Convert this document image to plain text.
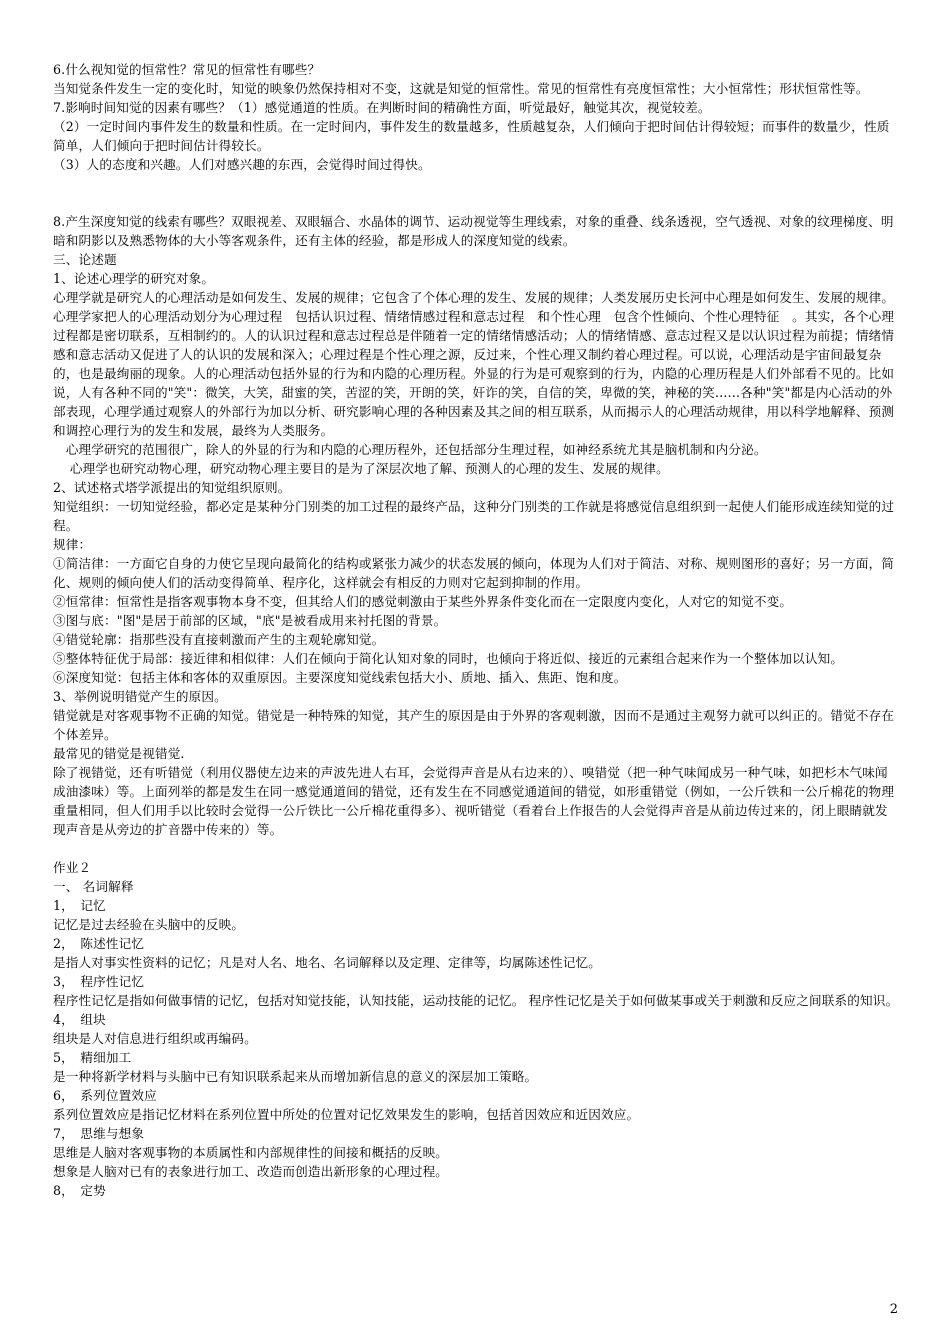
6.什么视知觉的恒常性？常见的恒常性有哪些？

当知觉条件发生一定的变化时，知觉的映象仍然保持相对不变，这就是知觉的恒常性。常见的恒常性有亮度恒常性；大小恒常性；形状恒常性等。

7.影响时间知觉的因素有哪些？（1）感觉通道的性质。在判断时间的精确性方面，听觉最好，触觉其次，视觉较差。

（2）一定时间内事件发生的数量和性质。在一定时间内，事件发生的数量越多，性质越复杂，人们倾向于把时间估计得较短；而事件的数量少，性质简单，人们倾向于把时间估计得较长。

（3）人的态度和兴趣。人们对感兴趣的东西，会觉得时间过得快。

8.产生深度知觉的线索有哪些？双眼视差、双眼辐合、水晶体的调节、运动视觉等生理线索，对象的重叠、线条透视，空气透视、对象的纹理梯度、明暗和阴影以及熟悉物体的大小等客观条件，还有主体的经验，都是形成人的深度知觉的线索。

三、论述题

1、论述心理学的研究对象。

心理学就是研究人的心理活动是如何发生、发展的规律；它包含了个体心理的发生、发展的规律；人类发展历史长河中心理是如何发生、发展的规律。

心理学家把人的心理活动划分为心理过程　包括认识过程、情绪情感过程和意志过程　和个性心理　包含个性倾向、个性心理特征　。其实，各个心理过程都是密切联系，互相制约的。人的认识过程和意志过程总是伴随着一定的情绪情感活动；人的情绪情感、意志过程又是以认识过程为前提；情绪情感和意志活动又促进了人的认识的发展和深入；心理过程是个性心理之源，反过来，个性心理又制约着心理过程。可以说，心理活动是宇宙间最复杂的，也是最绚丽的现象。人的心理活动包括外显的行为和内隐的心理历程。外显的行为是可观察到的行为，内隐的心理历程是人们外部看不见的。比如说，人有各种不同的"笑"：微笑，大笑，甜蜜的笑，苦涩的笑，开朗的笑，奸诈的笑，自信的笑，卑微的笑，神秘的笑……各种"笑"都是内心活动的外部表现，心理学通过观察人的外部行为加以分析、研究影响心理的各种因素及其之间的相互联系，从而揭示人的心理活动规律，用以科学地解释、预测和调控心理行为的发生和发展，最终为人类服务。

　心理学研究的范围很广，除人的外显的行为和内隐的心理历程外，还包括部分生理过程，如神经系统尤其是脑机制和内分泌。

　 心理学也研究动物心理，研究动物心理主要目的是为了深层次地了解、预测人的心理的发生、发展的规律。

2、试述格式塔学派提出的知觉组织原则。

知觉组织：一切知觉经验，都必定是某种分门别类的加工过程的最终产品，这种分门别类的工作就是将感觉信息组织到一起使人们能形成连续知觉的过程。

规律：

①简洁律：一方面它自身的力使它呈现向最简化的结构或紧张力减少的状态发展的倾向，体现为人们对于简洁、对称、规则图形的喜好；另一方面，简化、规则的倾向使人们的活动变得简单、程序化，这样就会有相反的力则对它起到抑制的作用。

②恒常律：恒常性是指客观事物本身不变，但其给人们的感觉刺激由于某些外界条件变化而在一定限度内变化，人对它的知觉不变。

③图与底："图"是居于前部的区域，"底"是被看成用来衬托图的背景。

④错觉轮廓：指那些没有直接刺激而产生的主观轮廓知觉。

⑤整体特征优于局部：接近律和相似律：人们在倾向于简化认知对象的同时，也倾向于将近似、接近的元素组合起来作为一个整体加以认知。

⑥深度知觉：包括主体和客体的双重原因。主要深度知觉线索包括大小、质地、插入、焦距、饱和度。

3、举例说明错觉产生的原因。

错觉就是对客观事物不正确的知觉。错觉是一种特殊的知觉，其产生的原因是由于外界的客观刺激，因而不是通过主观努力就可以纠正的。错觉不存在个体差异。

最常见的错觉是视错觉.

除了视错觉，还有听错觉（利用仪器使左边来的声波先进人右耳，会觉得声音是从右边来的）、嗅错觉（把一种气味闻成另一种气味，如把杉木气味闻成油漆味）等。上面列举的都是发生在同一感觉通道间的错觉，还有发生在不同感觉通道间的错觉，如形重错觉（例如，一公斤铁和一公斤棉花的物理重量相同，但人们用手以比较时会觉得一公斤铁比一公斤棉花重得多）、视听错觉（看着台上作报告的人会觉得声音是从前边传过来的，闭上眼睛就发现声音是从旁边的扩音器中传来的）等。

作业２

一、 名词解释

1，　记忆

记忆是过去经验在头脑中的反映。

2，　陈述性记忆

是指人对事实性资料的记忆；凡是对人名、地名、名词解释以及定理、定律等，均属陈述性记忆。

3，　程序性记忆

程序性记忆是指如何做事情的记忆，包括对知觉技能，认知技能，运动技能的记忆。 程序性记忆是关于如何做某事或关于刺激和反应之间联系的知识。

4，　组块

组块是人对信息进行组织或再编码。

5，　精细加工

是一种将新学材料与头脑中已有知识联系起来从而增加新信息的意义的深层加工策略。

6，　系列位置效应

系列位置效应是指记忆材料在系列位置中所处的位置对记忆效果发生的影响，包括首因效应和近因效应。

7，　思维与想象

思维是人脑对客观事物的本质属性和内部规律性的间接和概括的反映。

想象是人脑对已有的表象进行加工、改造而创造出新形象的心理过程。

8，　定势

2
